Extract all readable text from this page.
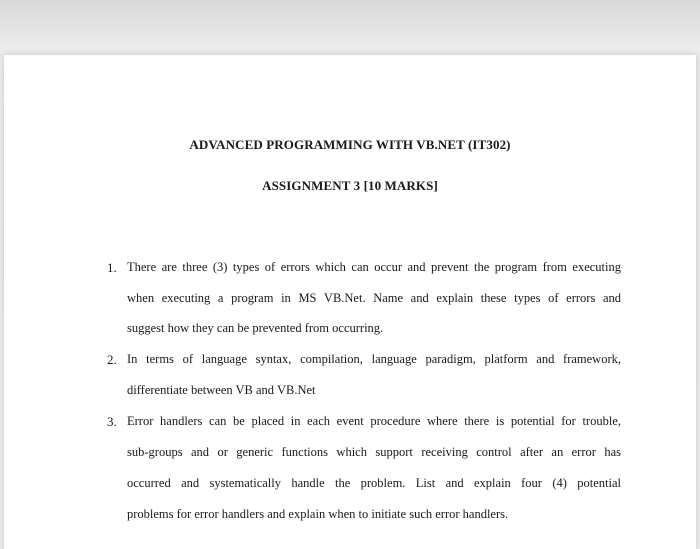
ADVANCED PROGRAMMING WITH VB.NET (IT302)
ASSIGNMENT 3 [10 MARKS]
1. There are three (3) types of errors which can occur and prevent the program from executing
when executing a program in MS VB.Net. Name and explain these types of errors and
suggest how they can be prevented from occurring.
2. In terms of language syntax, compilation, language paradigm, platform and framework,
differentiate between VB and VB.Net
3. Error handlers can be placed in each event procedure where there is potential for trouble,
sub-groups and or generic functions which support receiving control after an error has
occurred and systematically handle the problem. List and explain four (4) potential
problems for error handlers and explain when to initiate such error handlers.
